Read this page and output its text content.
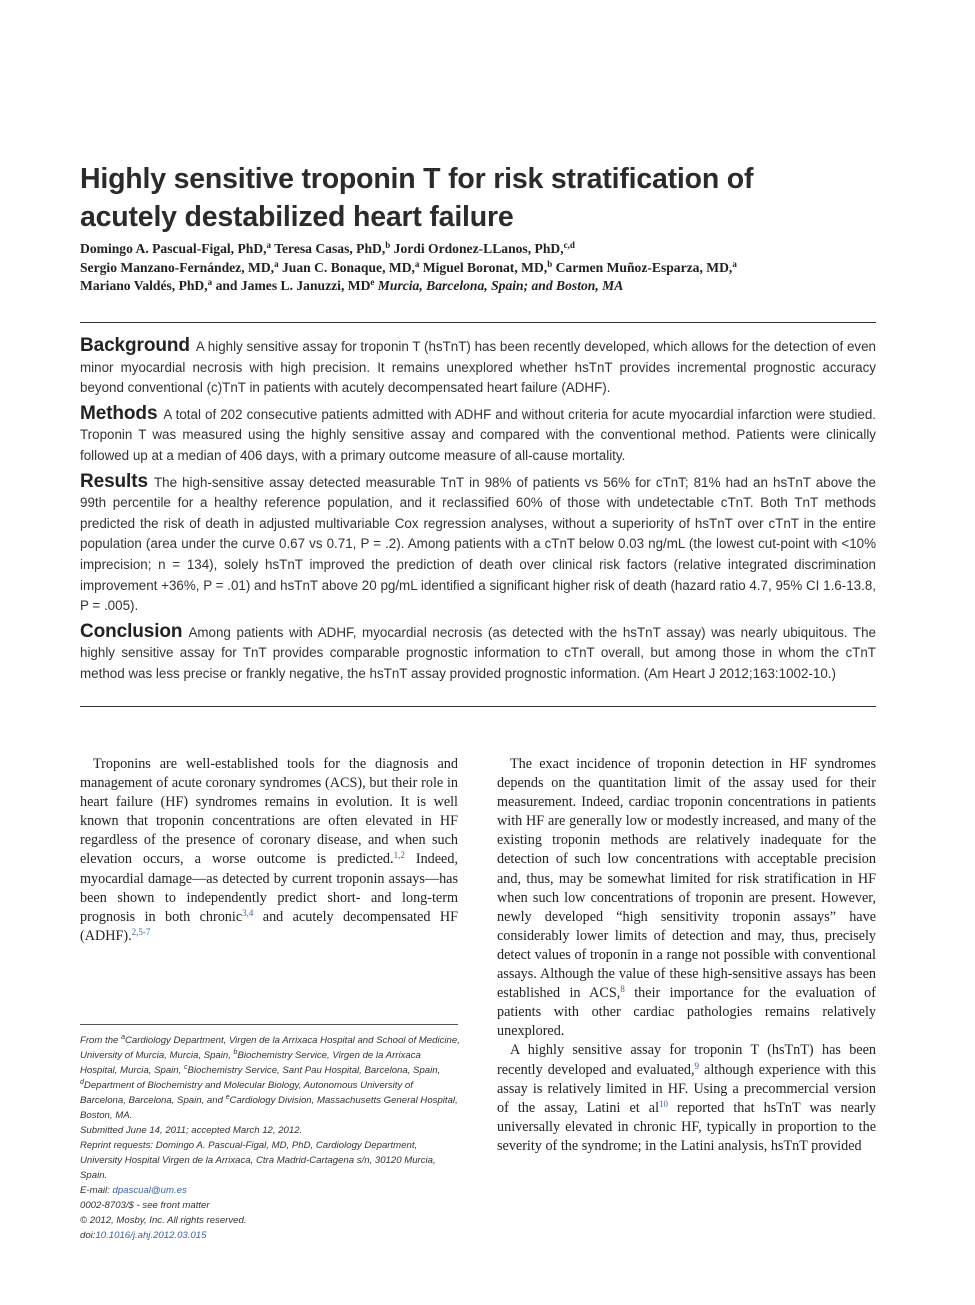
Highly sensitive troponin T for risk stratification of
acutely destabilized heart failure
Domingo A. Pascual-Figal, PhD,$^a$ Teresa Casas, PhD,$^b$ Jordi Ordonez-LLanos, PhD,$^{c,d}$
Sergio Manzano-Fernández, MD,$^a$ Juan C. Bonaque, MD,$^a$ Miguel Boronat, MD,$^b$ Carmen Muñoz-Esparza, MD,$^a$
Mariano Valdés, PhD,$^a$ and James L. Januzzi, MDe Murcia, Barcelona, Spain; and Boston, MA

Background A highly sensitive assay for troponin T (hsTnT) has been recently developed, which allows for the detection of even minor myocardial necrosis with high precision. It remains unexplored whether hsTnT provides incremental prognostic accuracy beyond conventional (c)TnT in patients with acutely decompensated heart failure (ADHF).

Methods A total of 202 consecutive patients admitted with ADHF and without criteria for acute myocardial infarction were studied. Troponin T was measured using the highly sensitive assay and compared with the conventional method. Patients were clinically followed up at a median of 406 days, with a primary outcome measure of all-cause mortality.

Results The high-sensitive assay detected measurable TnT in 98% of patients vs 56% for cTnT; 81% had an hsTnT above the 99th percentile for a healthy reference population, and it reclassified 60% of those with undetectable cTnT. Both TnT methods predicted the risk of death in adjusted multivariable Cox regression analyses, without a superiority of hsTnT over cTnT in the entire population (area under the curve 0.67 vs 0.71, P = .2). Among patients with a cTnT below 0.03 ng/mL (the lowest cut-point with <10% imprecision; n = 134), solely hsTnT improved the prediction of death over clinical risk factors (relative integrated discrimination improvement +36%, P = .01) and hsTnT above 20 pg/mL identified a significant higher risk of death (hazard ratio 4.7, 95% CI 1.6-13.8, P = .005).

Conclusion Among patients with ADHF, myocardial necrosis (as detected with the hsTnT assay) was nearly ubiquitous. The highly sensitive assay for TnT provides comparable prognostic information to cTnT overall, but among those in whom the cTnT method was less precise or frankly negative, the hsTnT assay provided prognostic information. (Am Heart J 2012;163:1002-10.)

Troponins are well-established tools for the diagnosis and management of acute coronary syndromes (ACS), but their role in heart failure (HF) syndromes remains in evolution. It is well known that troponin concentrations are often elevated in HF regardless of the presence of coronary disease, and when such elevation occurs, a worse outcome is predicted.$^{1,2}$ Indeed, myocardial damage—as detected by current troponin assays—has been shown to independently predict short- and long-term prognosis in both chronic$^{3,4}$ and acutely decompensated HF (ADHF).$^{2,5-7}$

The exact incidence of troponin detection in HF syndromes depends on the quantitation limit of the assay used for their measurement. Indeed, cardiac troponin concentrations in patients with HF are generally low or modestly increased, and many of the existing troponin methods are relatively inadequate for the detection of such low concentrations with acceptable precision and, thus, may be somewhat limited for risk stratification in HF when such low concentrations of troponin are present. However, newly developed “high sensitivity troponin assays” have considerably lower limits of detection and may, thus, precisely detect values of troponin in a range not possible with conventional assays. Although the value of these high-sensitive assays has been established in ACS,$^8$ their importance for the evaluation of patients with other cardiac pathologies remains relatively unexplored.

A highly sensitive assay for troponin T (hsTnT) has been recently developed and evaluated,$^9$ although experience with this assay is relatively limited in HF. Using a precommercial version of the assay, Latini et $al^{10}$ reported that hsTnT was nearly universally elevated in chronic HF, typically in proportion to the severity of the syndrome; in the Latini analysis, hsTnT provided

From the $^a$Cardiology Department, Virgen de la Arrixaca Hospital and School of Medicine, University of Murcia, Murcia, Spain, $^b$Biochemistry Service, Virgen de la Arrixaca Hospital, Murcia, Spain, $^c$Biochemistry Service, Sant Pau Hospital, Barcelona, Spain, $^d$Department of Biochemistry and Molecular Biology, Autonomous University of Barcelona, Barcelona, Spain, and $^e$Cardiology Division, Massachusetts General Hospital, Boston, MA.
Submitted June 14, 2011; accepted March 12, 2012.
Reprint requests: Domingo A. Pascual-Figal, MD, PhD, Cardiology Department, University Hospital Virgen de la Arrixaca, Ctra Madrid-Cartagena s/n, 30120 Murcia, Spain.
E-mail: dpascual@um.es
0002-8703/$ - see front matter
© 2012, Mosby, Inc. All rights reserved.
doi:10.1016/j.ahj.2012.03.015
